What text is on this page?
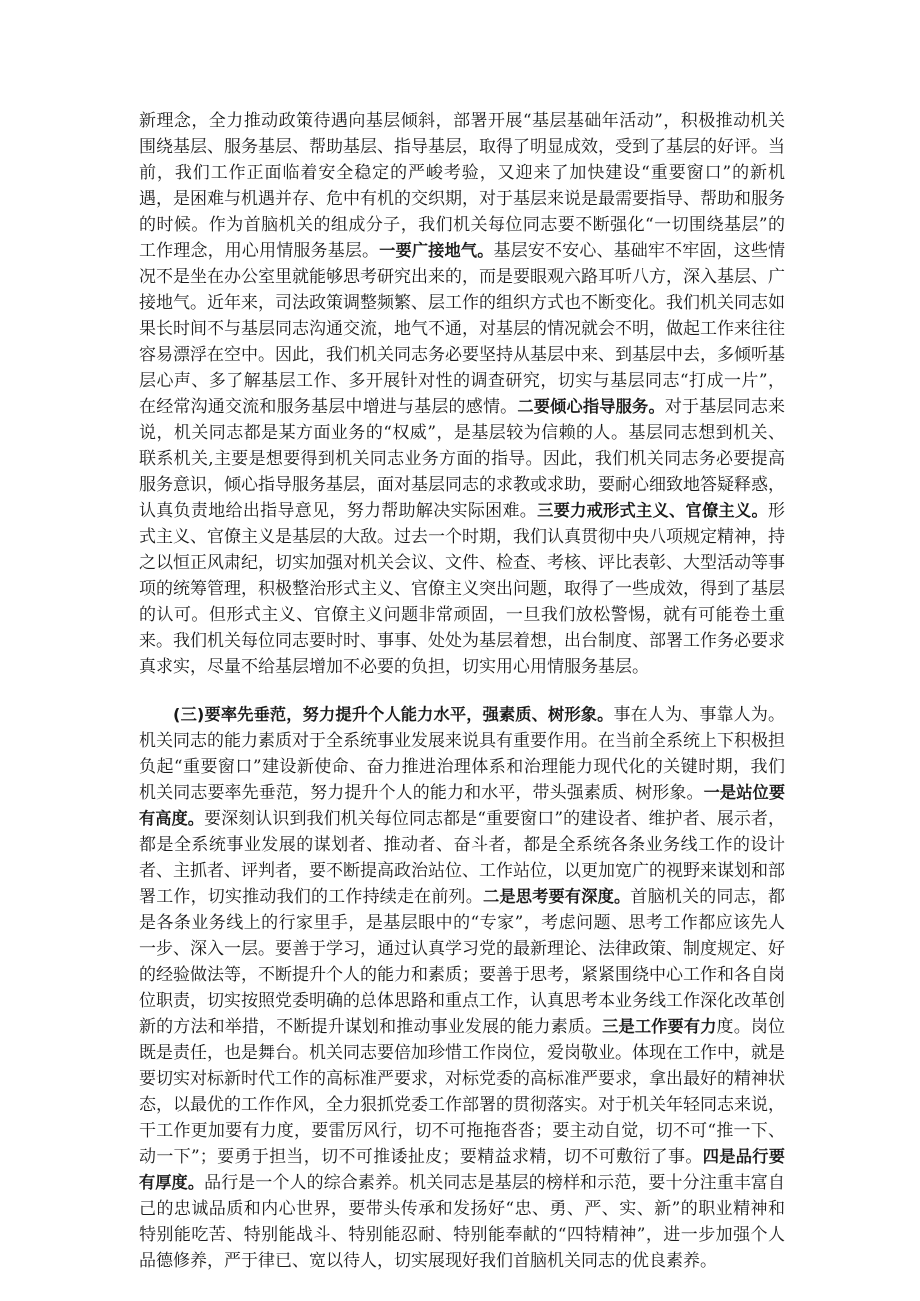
新理念，全力推动政策待遇向基层倾斜，部署开展“基层基础年活动”，积极推动机关围绕基层、服务基层、帮助基层、指导基层，取得了明显成效，受到了基层的好评。当前，我们工作正面临着安全稳定的严峻考验，又迎来了加快建设“重要窗口”的新机遇，是困难与机遇并存、危中有机的交织期，对于基层来说是最需要指导、帮助和服务的时候。作为首脑机关的组成分子，我们机关每位同志要不断强化“一切围绕基层”的工作理念，用心用情服务基层。一要广接地气。基层安不安心、基础牢不牢固，这些情况不是坐在办公室里就能够思考研究出来的，而是要眼观六路耳听八方，深入基层、广接地气。近年来，司法政策调整频繁、层工作的组织方式也不断变化。我们机关同志如果长时间不与基层同志沟通交流，地气不通，对基层的情况就会不明，做起工作来往往容易漂浮在空中。因此，我们机关同志务必要坚持从基层中来、到基层中去，多倾听基层心声、多了解基层工作、多开展针对性的调查研究，切实与基层同志“打成一片”，在经常沟通交流和服务基层中增进与基层的感情。二要倾心指导服务。对于基层同志来说，机关同志都是某方面业务的“权威”，是基层较为信赖的人。基层同志想到机关、联系机关,主要是想要得到机关同志业务方面的指导。因此，我们机关同志务必要提高服务意识，倾心指导服务基层，面对基层同志的求教或求助，要耐心细致地答疑释惑，认真负责地给出指导意见，努力帮助解决实际困难。三要力戒形式主义、官僚主义。形式主义、官僚主义是基层的大敌。过去一个时期，我们认真贯彻中央八项规定精神，持之以恒正风肃纪，切实加强对机关会议、文件、检查、考核、评比表彰、大型活动等事项的统筹管理，积极整治形式主义、官僚主义突出问题，取得了一些成效，得到了基层的认可。但形式主义、官僚主义问题非常顽固，一旦我们放松警惕，就有可能卷土重来。我们机关每位同志要时时、事事、处处为基层着想，出台制度、部署工作务必要求真求实，尽量不给基层增加不必要的负担，切实用心用情服务基层。

(三)要率先垂范，努力提升个人能力水平，强素质、树形象。事在人为、事靠人为。机关同志的能力素质对于全系统事业发展来说具有重要作用。在当前全系统上下积极担负起“重要窗口”建设新使命、奋力推进治理体系和治理能力现代化的关键时期，我们机关同志要率先垂范，努力提升个人的能力和水平，带头强素质、树形象。一是站位要有高度。要深刻认识到我们机关每位同志都是“重要窗口”的建设者、维护者、展示者，都是全系统事业发展的谋划者、推动者、奋斗者，都是全系统各条业务线工作的设计者、主抓者、评判者，要不断提高政治站位、工作站位，以更加宽广的视野来谋划和部署工作，切实推动我们的工作持续走在前列。二是思考要有深度。首脑机关的同志，都是各条业务线上的行家里手，是基层眼中的“专家”，考虑问题、思考工作都应该先人一步、深入一层。要善于学习，通过认真学习党的最新理论、法律政策、制度规定、好的经验做法等，不断提升个人的能力和素质；要善于思考，紧紧围绕中心工作和各自岗位职责，切实按照党委明确的总体思路和重点工作，认真思考本业务线工作深化改革创新的方法和举措，不断提升谋划和推动事业发展的能力素质。三是工作要有力度。岗位既是责任，也是舞台。机关同志要倍加珍惜工作岗位，爱岗敬业。体现在工作中，就是要切实对标新时代工作的高标准严要求，对标党委的高标准严要求，拿出最好的精神状态，以最优的工作作风，全力狠抓党委工作部署的贯彻落实。对于机关年轻同志来说，干工作更加要有力度，要雷厉风行，切不可拖拖沓沓；要主动自觉，切不可“推一下、动一下”；要勇于担当，切不可推诿扯皮；要精益求精，切不可敷衍了事。四是品行要有厚度。品行是一个人的综合素养。机关同志是基层的榜样和示范，要十分注重丰富自己的忠诚品质和内心世界，要带头传承和发扬好“忠、勇、严、实、新”的职业精神和特别能吃苦、特别能战斗、特别能忍耐、特别能奉献的“四特精神”，进一步加强个人品德修养，严于律已、宽以待人，切实展现好我们首脑机关同志的优良素养。
